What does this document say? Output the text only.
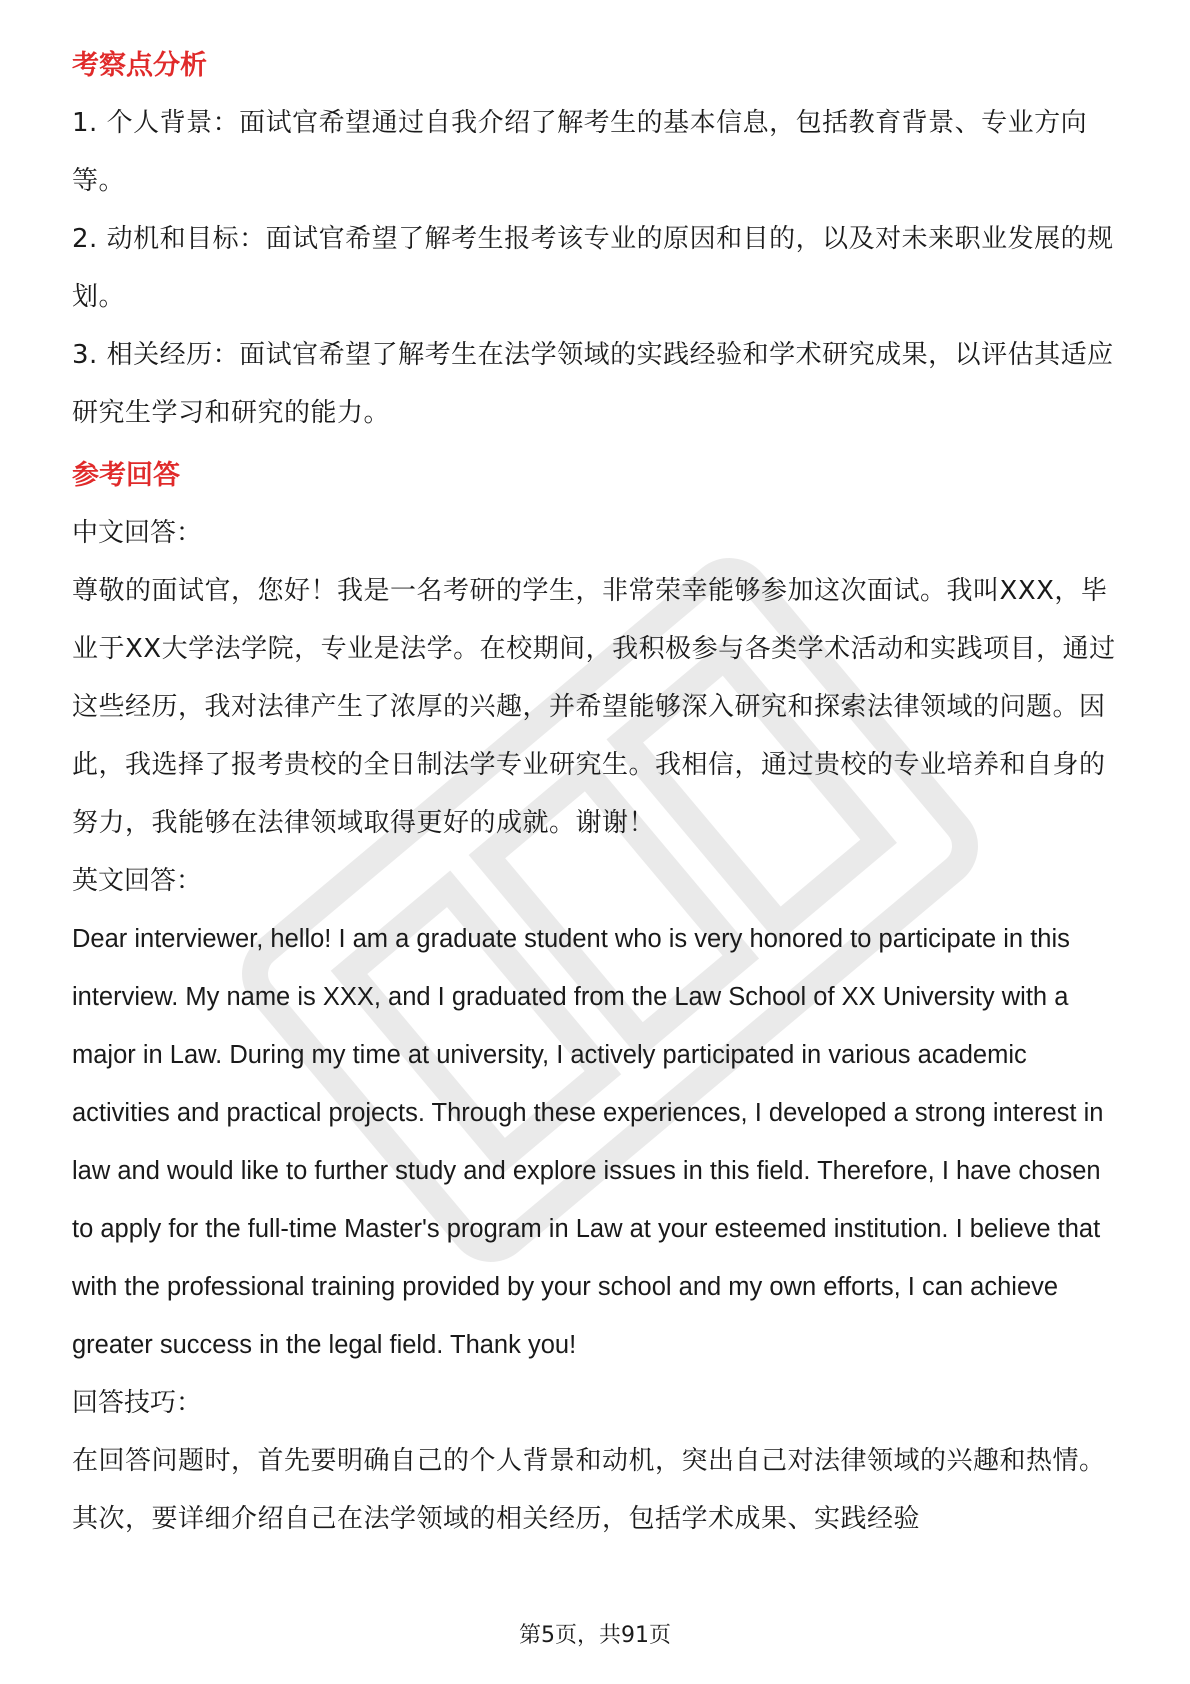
考察点分析

1. 个人背景：面试官希望通过自我介绍了解考生的基本信息，包括教育背景、专业方向等。

2. 动机和目标：面试官希望了解考生报考该专业的原因和目的，以及对未来职业发展的规划。

3. 相关经历：面试官希望了解考生在法学领域的实践经验和学术研究成果，以评估其适应研究生学习和研究的能力。

参考回答

中文回答：

尊敬的面试官，您好！我是一名考研的学生，非常荣幸能够参加这次面试。我叫XXX，毕业于XX大学法学院，专业是法学。在校期间，我积极参与各类学术活动和实践项目，通过这些经历，我对法律产生了浓厚的兴趣，并希望能够深入研究和探索法律领域的问题。因此，我选择了报考贵校的全日制法学专业研究生。我相信，通过贵校的专业培养和自身的努力，我能够在法律领域取得更好的成就。谢谢！

英文回答：

Dear interviewer, hello! I am a graduate student who is very honored to participate in this interview. My name is XXX, and I graduated from the Law School of XX University with a major in Law. During my time at university, I actively participated in various academic activities and practical projects. Through these experiences, I developed a strong interest in law and would like to further study and explore issues in this field. Therefore, I have chosen to apply for the full-time Master's program in Law at your esteemed institution. I believe that with the professional training provided by your school and my own efforts, I can achieve greater success in the legal field. Thank you!

回答技巧：

在回答问题时，首先要明确自己的个人背景和动机，突出自己对法律领域的兴趣和热情。其次，要详细介绍自己在法学领域的相关经历，包括学术成果、实践经验

第5页，共91页
